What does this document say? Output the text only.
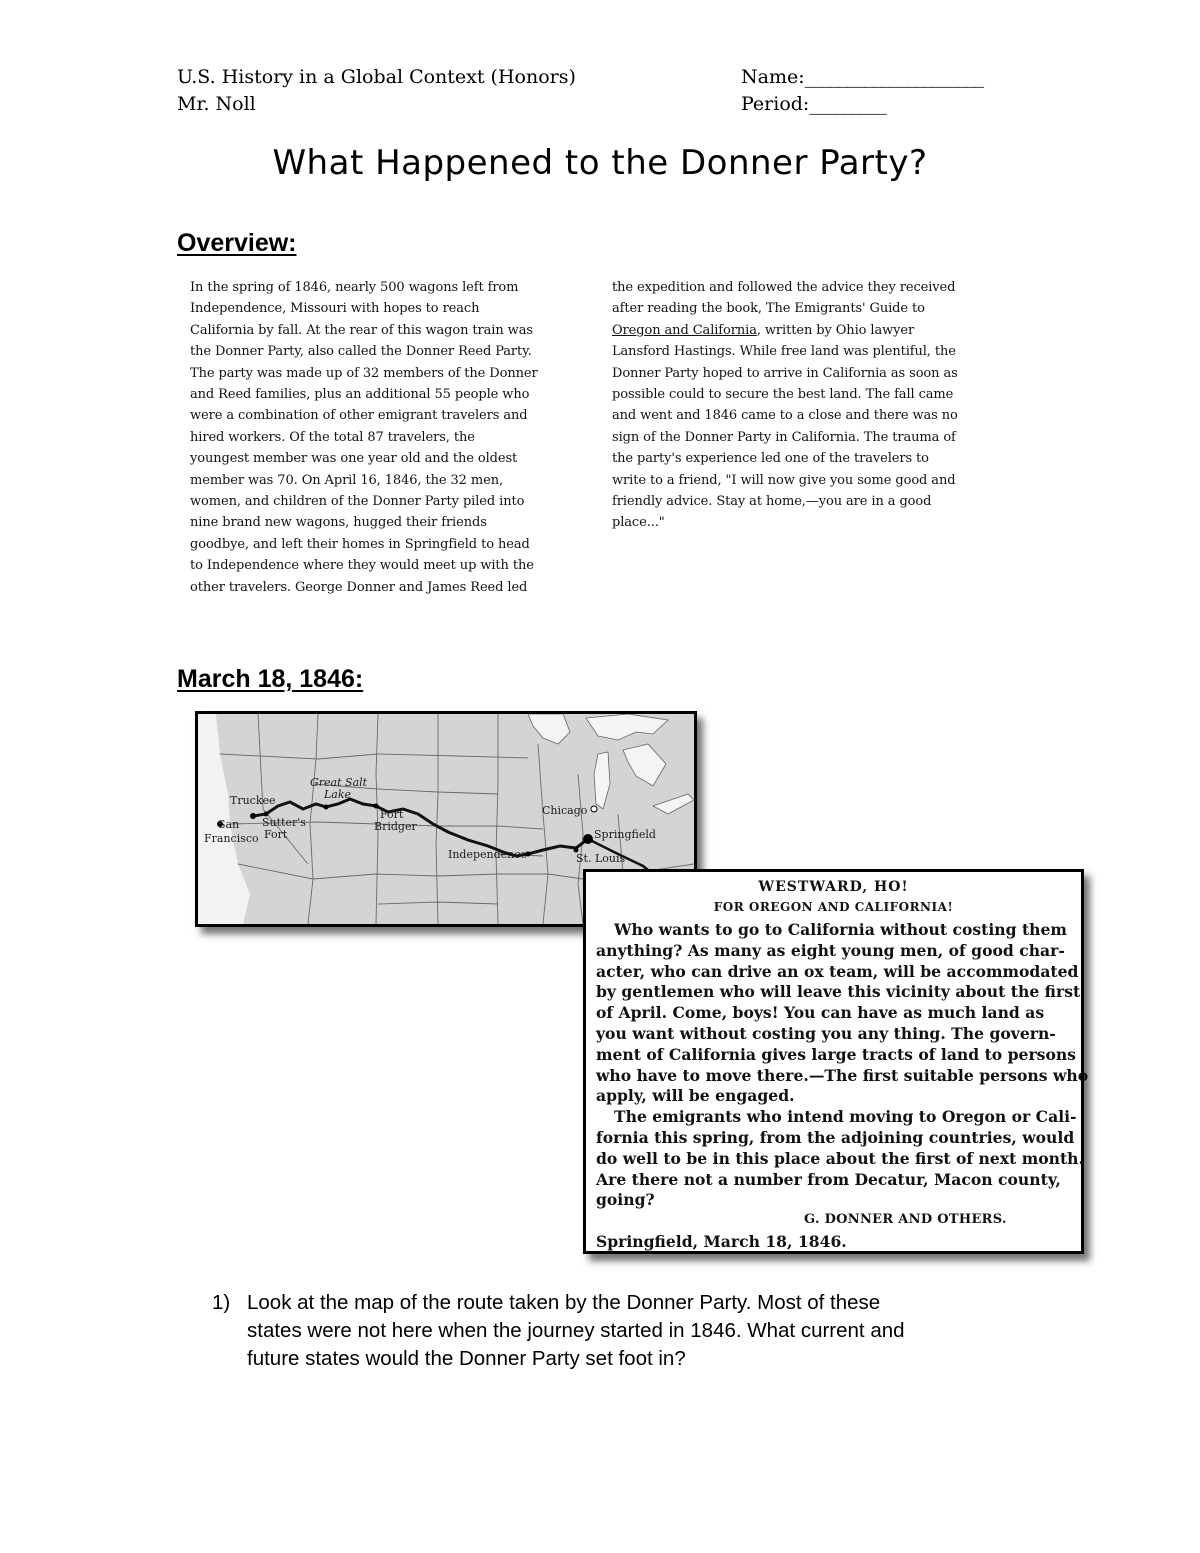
U.S. History in a Global Context (Honors)
Mr. Noll
Name:_____________________
Period:_________
What Happened to the Donner Party?
Overview:
In the spring of 1846, nearly 500 wagons left from
Independence, Missouri with hopes to reach
California by fall. At the rear of this wagon train was
the Donner Party, also called the Donner Reed Party.
The party was made up of 32 members of the Donner
and Reed families, plus an additional 55 people who
were a combination of other emigrant travelers and
hired workers. Of the total 87 travelers, the
youngest member was one year old and the oldest
member was 70. On April 16, 1846, the 32 men,
women, and children of the Donner Party piled into
nine brand new wagons, hugged their friends
goodbye, and left their homes in Springfield to head
to Independence where they would meet up with the
other travelers. George Donner and James Reed led
the expedition and followed the advice they received
after reading the book, The Emigrants' Guide to
Oregon and California, written by Ohio lawyer
Lansford Hastings. While free land was plentiful, the
Donner Party hoped to arrive in California as soon as
possible could to secure the best land. The fall came
and went and 1846 came to a close and there was no
sign of the Donner Party in California. The trauma of
the party's experience led one of the travelers to
write to a friend, "I will now give you some good and
friendly advice. Stay at home,—you are in a good
place..."
March 18, 1846:
Truckee
Great Salt
Lake
Fort
Bridger
Sutter's
Fort
San
Francisco
Chicago
Springfield
Independence	St. Louis
WESTWARD, HO!
FOR OREGON AND CALIFORNIA!
Who wants to go to California without costing them
anything? As many as eight young men, of good char-
acter, who can drive an ox team, will be accommodated
by gentlemen who will leave this vicinity about the first
of April. Come, boys! You can have as much land as
you want without costing you any thing. The govern-
ment of California gives large tracts of land to persons
who have to move there.—The first suitable persons who
apply, will be engaged.
The emigrants who intend moving to Oregon or Cali-
fornia this spring, from the adjoining countries, would
do well to be in this place about the first of next month.
Are there not a number from Decatur, Macon county,
going?
G. DONNER AND OTHERS.
Springfield, March 18, 1846.
1) Look at the map of the route taken by the Donner Party. Most of these
states were not here when the journey started in 1846. What current and
future states would the Donner Party set foot in?
